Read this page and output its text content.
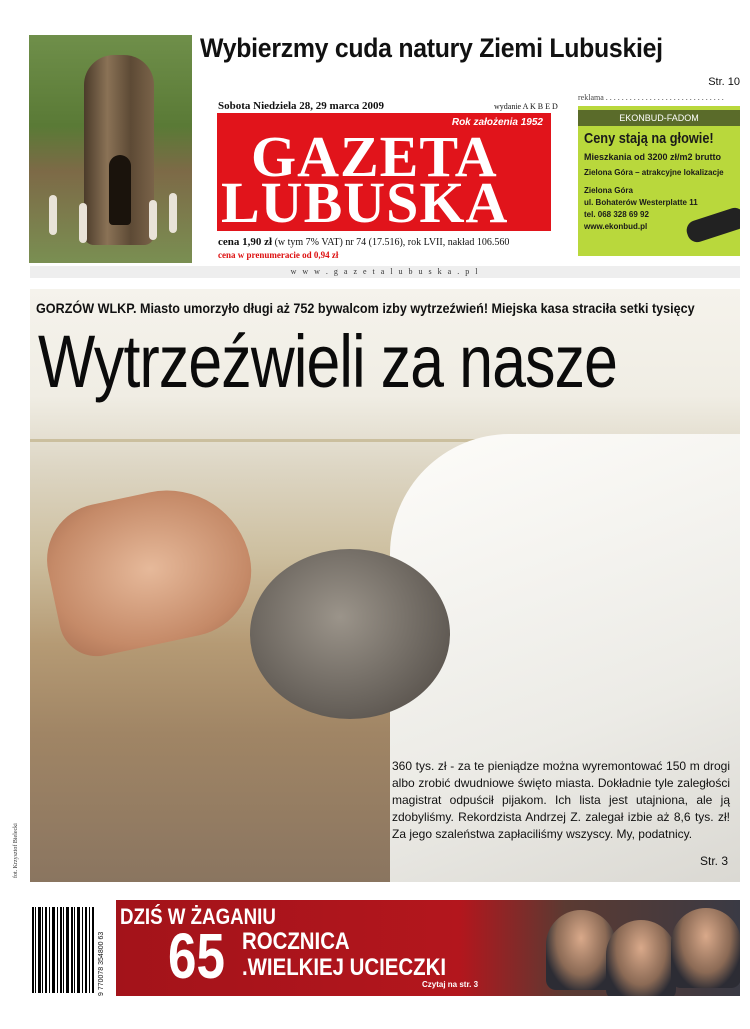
Wybierzmy cuda natury Ziemi Lubuskiej
Str. 10
Sobota Niedziela 28, 29 marca 2009	wydanie A K B E D
Rok założenia 1952
GAZETA
LUBUSKA
cena 1,90 zł (w tym 7% VAT) nr 74 (17.516), rok LVII, nakład 106.560
cena w prenumeracie od 0,94 zł
reklama . . . . . . . . . . . . . . . . . . . . . . . . . . . . . .
EKONBUD-FADOM
Ceny stają na głowie!
Mieszkania od 3200 zł/m2 brutto
Zielona Góra – atrakcyjne lokalizacje
Zielona Góra
ul. Bohaterów Westerplatte 11
tel. 068 328 69 92
www.ekonbud.pl
w w w . g a z e t a l u b u s k a . p l
GORZÓW WLKP. Miasto umorzyło długi aż 752 bywalcom izby wytrzeźwień! Miejska kasa straciła setki tysięcy
Wytrzeźwieli za nasze
360 tys. zł - za te pieniądze można wyremontować 150 m drogi albo zrobić dwudniowe święto miasta. Dokładnie tyle zaległości magistrat odpuścił pijakom. Ich lista jest utajniona, ale ją zdobyliśmy. Rekordzista Andrzej Z. zalegał izbie aż 8,6 tys. zł! Za jego szaleństwa zapłaciliśmy wszyscy. My, podatnicy.
Str. 3
fot. Krzysztof Bielecki
9 770078 354800 63
DZIŚ W ŻAGANIU
65 ROCZNICA
.WIELKIEJ UCIECZKI
Czytaj na str. 3
